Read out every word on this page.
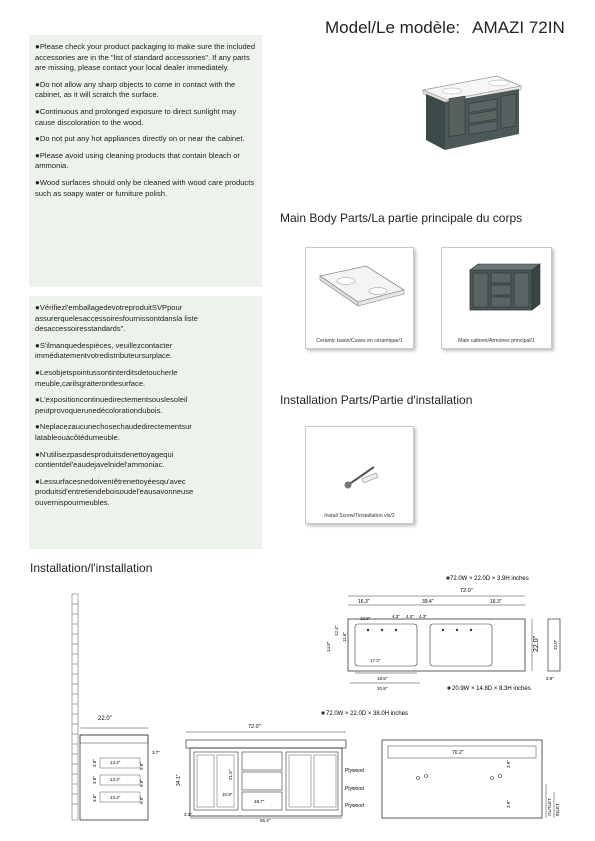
Model/Le modèle: AMAZI 72IN
●Please check your product packaging to make sure the included accessories are in the "list of standard accessories". If any parts are missing, please contact your local dealer immediately.
●Do not allow any sharp objects to come in contact with the cabinet, as it will scratch the surface.
●Continuous and prolonged exposure to direct sunlight may cause discoloration to the wood.
●Do not put any hot appliances directly on or near the cabinet.
●Please avoid using cleaning products that contain bleach or ammonia.
●Wood surfaces should only be cleaned with wood care products such as soapy water or furniture polish.
●Vérifiezl'emballagedevotreproduitSVPpour assurerquelesaccessoiresfournissontdansla liste desaccessoiresstandards".
●S'ilmanquedespièces, veuillezcontacter immédiatementvotredistributeursurplace.
●Lesobjetspointussontinterditsdetoucherle meuble,carilsgratterontlesurface.
●L'expositioncontinuedirectementsouslesoleil peutprovoquerunedécolorationdubois.
●Neplacezaucunechosechaudedirectementsur latableouàcôtédumeuble.
●N'utilisezpasdesproduitsdenettoyagequi contientdel'eaudejavelnidel'ammoniac.
●Lessurfacesnedoiventêtrenettoyéesqu'avec produitsd'entretiendeboisoudel'eausavonneuse ouvernispourmeubles.
Main Body Parts/La partie principale du corps
Ceramic basin/Cuves en céramique/1	Main cabinet/Armoires principal/1
Installation Parts/Partie d'installation
Install Screw/Tinstallation vis/2
Installation/l'installation
72.0W × 22.0D × 3.9H inches
72.0"
16.3"	39.4"	16.3"
4.3" 4.0" 4.3"
12.8"
12.4"
14.8"
11.6"
17.2"
18.5"
20.9"
22.0"	22.0"
3.9"
20.9W × 14.8D × 8.3H inches
22.0"
3.7"
3.8"	13.4"
3.8"	13.4"
3.8"	13.4"
9.9"
9.9"
9.9"
72.0W × 22.0D × 38.0H inches
72.0"
34.1"	21.5"
10.9"
18.7"
3.1"
65.4"
Plywood
Plywood
Plywood
70.2"
3.9"
3.9"	OUTLET INLET
